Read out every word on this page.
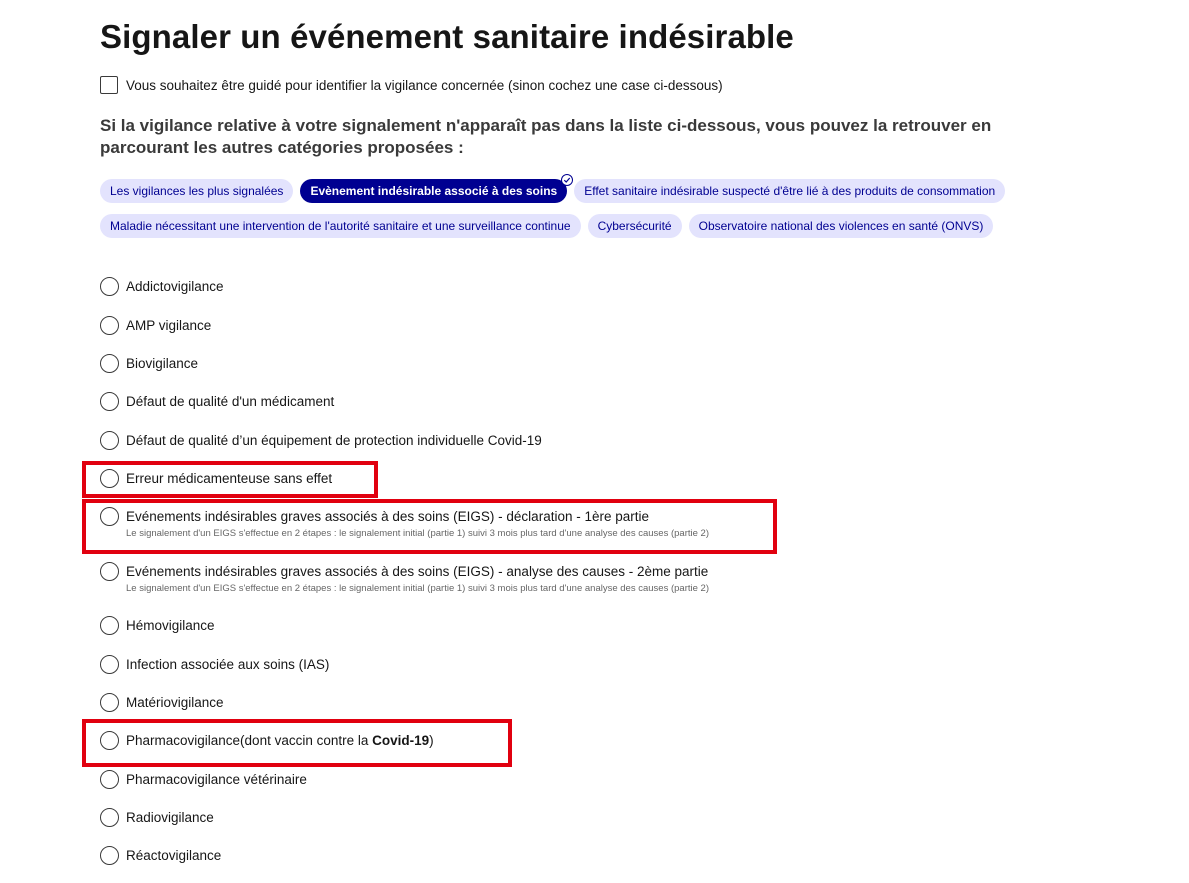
Signaler un événement sanitaire indésirable
Vous souhaitez être guidé pour identifier la vigilance concernée (sinon cochez une case ci-dessous)

Si la vigilance relative à votre signalement n'apparaît pas dans la liste ci-dessous, vous pouvez la retrouver en parcourant les autres catégories proposées :

Les vigilances les plus signalées	Evènement indésirable associé à des soins	Effet sanitaire indésirable suspecté d'être lié à des produits de consommation
Maladie nécessitant une intervention de l'autorité sanitaire et une surveillance continue	Cybersécurité	Observatoire national des violences en santé (ONVS)
Addictovigilance
AMP vigilance
Biovigilance
Défaut de qualité d'un médicament
Défaut de qualité d’un équipement de protection individuelle Covid-19
Erreur médicamenteuse sans effet
Evénements indésirables graves associés à des soins (EIGS) - déclaration - 1ère partie
Le signalement d'un EIGS s'effectue en 2 étapes : le signalement initial (partie 1) suivi 3 mois plus tard d'une analyse des causes (partie 2)
Evénements indésirables graves associés à des soins (EIGS) - analyse des causes - 2ème partie
Le signalement d'un EIGS s'effectue en 2 étapes : le signalement initial (partie 1) suivi 3 mois plus tard d'une analyse des causes (partie 2)
Hémovigilance
Infection associée aux soins (IAS)
Matériovigilance
Pharmacovigilance(dont vaccin contre la Covid-19)
Pharmacovigilance vétérinaire
Radiovigilance
Réactovigilance
